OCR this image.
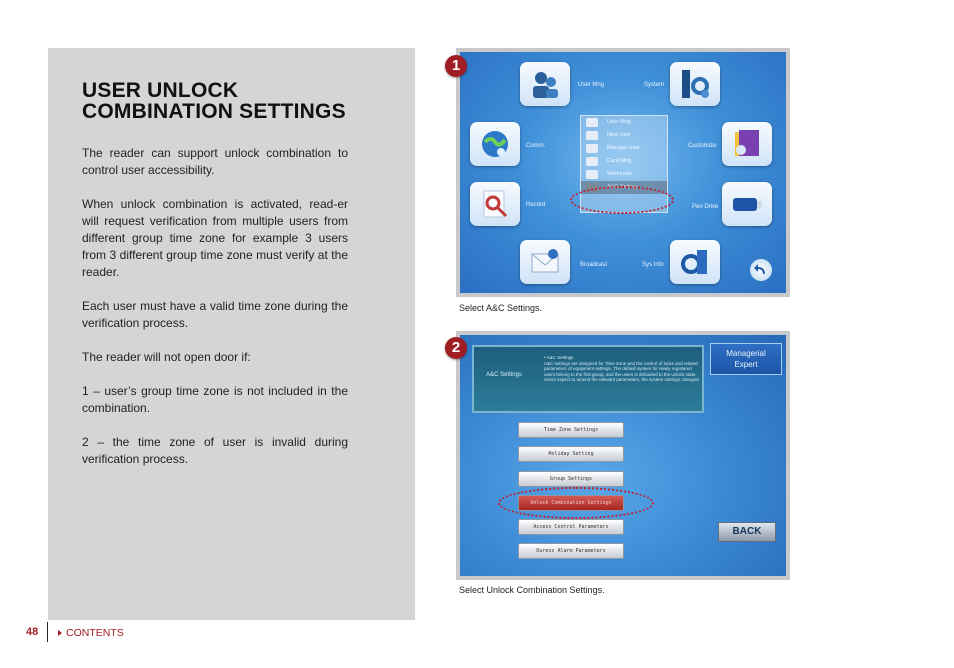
USER UNLOCK
COMBINATION SETTINGS

The reader can support unlock combination to control user accessibility.

When unlock combination is activated, read-er will request verification from multiple users from different group time zone for example 3 users from 3 different group time zone must verify at the reader.

Each user must have a valid time zone during the verification process.

The reader will not open door if:

1 – user’s group time zone is not included in the combination.

2 – the time zone of user is invalid during verification process.

User Mng	System
Comm.	Customize
Record	Pen Drive
Broadcast	Sys Info
User Mng
New User
Manage User
Card Mng
Workcode
A&C Setting
1
Select A&C Settings.
A&C Settings
• A&C Settings
A&C settings are designed for Time Zone and the control of locks and related parameters of equipment settings. The default system for newly registered users belong to the first group, and the users is defaulted to the unlock state. Users expect to amend the relevant parameters, the system settings changed.
Managerial
Expert
Time Zone Settings
Holiday Setting
Group Settings
Unlock Combination Settings
Access Control Parameters
Duress Alarm Parameters
BACK
2
Select Unlock Combination Settings.
48	CONTENTS
